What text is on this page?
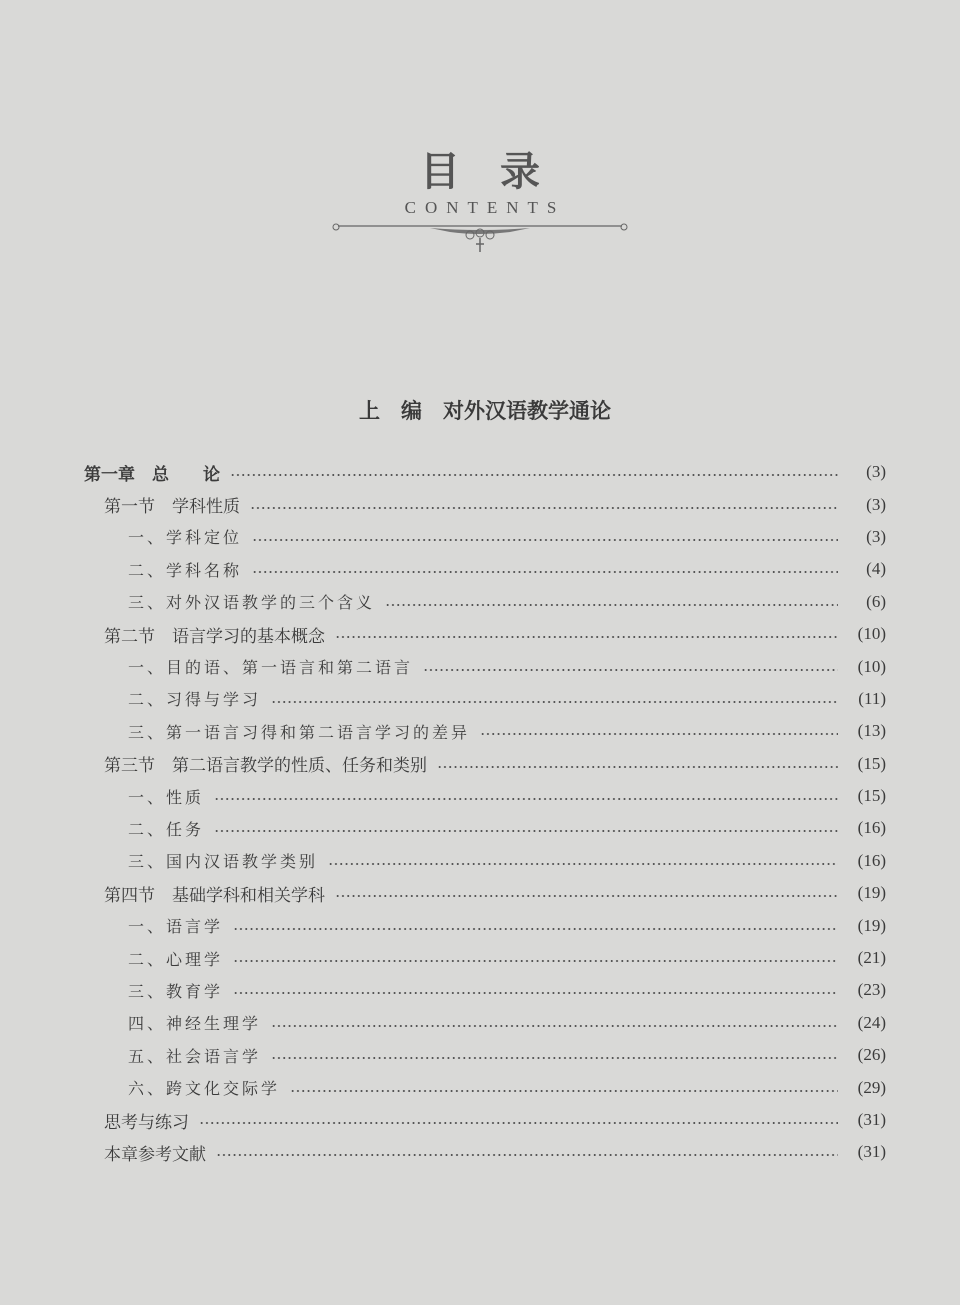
目录
CONTENTS
上　编　对外汉语教学通论
第一章　总　　论	(3)
第一节　学科性质	(3)
一、学科定位	(3)
二、学科名称	(4)
三、对外汉语教学的三个含义	(6)
第二节　语言学习的基本概念	(10)
一、目的语、第一语言和第二语言	(10)
二、习得与学习	(11)
三、第一语言习得和第二语言学习的差异	(13)
第三节　第二语言教学的性质、任务和类别	(15)
一、性质	(15)
二、任务	(16)
三、国内汉语教学类别	(16)
第四节　基础学科和相关学科	(19)
一、语言学	(19)
二、心理学	(21)
三、教育学	(23)
四、神经生理学	(24)
五、社会语言学	(26)
六、跨文化交际学	(29)
思考与练习	(31)
本章参考文献	(31)
